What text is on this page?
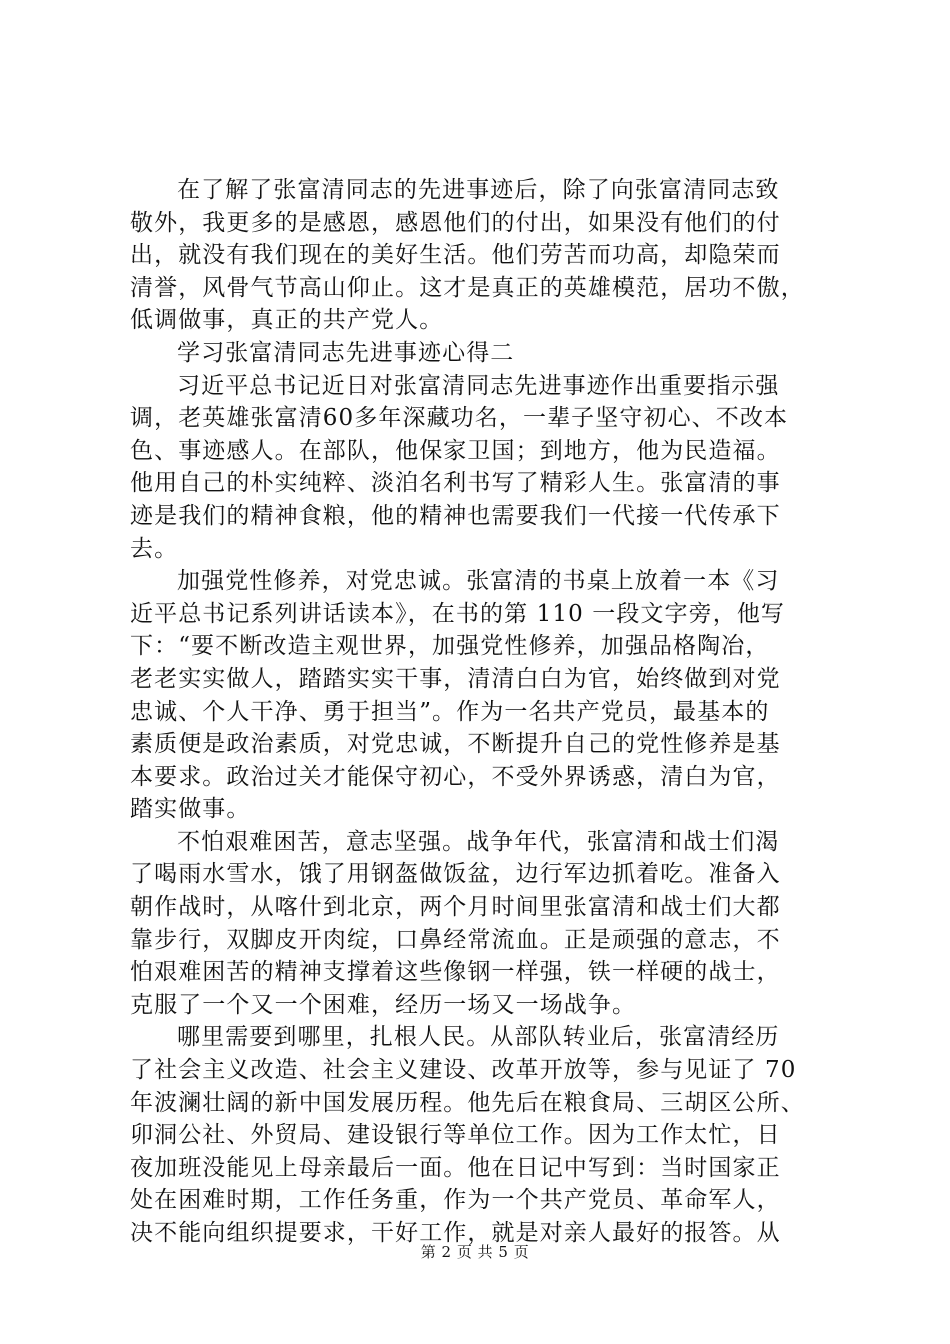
在了解了张富清同志的先进事迹后，除了向张富清同志致
敬外，我更多的是感恩，感恩他们的付出，如果没有他们的付
出，就没有我们现在的美好生活。他们劳苦而功高，却隐荣而
清誉，风骨气节高山仰止。这才是真正的英雄模范，居功不傲，
低调做事，真正的共产党人。
学习张富清同志先进事迹心得二
习近平总书记近日对张富清同志先进事迹作出重要指示强
调，老英雄张富清60多年深藏功名，一辈子坚守初心、不改本
色、事迹感人。在部队，他保家卫国；到地方，他为民造福。
他用自己的朴实纯粹、淡泊名利书写了精彩人生。张富清的事
迹是我们的精神食粮，他的精神也需要我们一代接一代传承下
去。
加强党性修养，对党忠诚。张富清的书桌上放着一本《习
近平总书记系列讲话读本》，在书的第 110 一段文字旁，他写
下：“要不断改造主观世界，加强党性修养，加强品格陶冶，
老老实实做人，踏踏实实干事，清清白白为官，始终做到对党
忠诚、个人干净、勇于担当”。作为一名共产党员，最基本的
素质便是政治素质，对党忠诚，不断提升自己的党性修养是基
本要求。政治过关才能保守初心，不受外界诱惑，清白为官，
踏实做事。
不怕艰难困苦，意志坚强。战争年代，张富清和战士们渴
了喝雨水雪水，饿了用钢盔做饭盆，边行军边抓着吃。准备入
朝作战时，从喀什到北京，两个月时间里张富清和战士们大都
靠步行，双脚皮开肉绽，口鼻经常流血。正是顽强的意志，不
怕艰难困苦的精神支撑着这些像钢一样强，铁一样硬的战士，
克服了一个又一个困难，经历一场又一场战争。
哪里需要到哪里，扎根人民。从部队转业后，张富清经历
了社会主义改造、社会主义建设、改革开放等，参与见证了 70
年波澜壮阔的新中国发展历程。他先后在粮食局、三胡区公所、
卯洞公社、外贸局、建设银行等单位工作。因为工作太忙，日
夜加班没能见上母亲最后一面。他在日记中写到：当时国家正
处在困难时期，工作任务重，作为一个共产党员、革命军人，
决不能向组织提要求，干好工作，就是对亲人最好的报答。从
第 2 页 共 5 页
